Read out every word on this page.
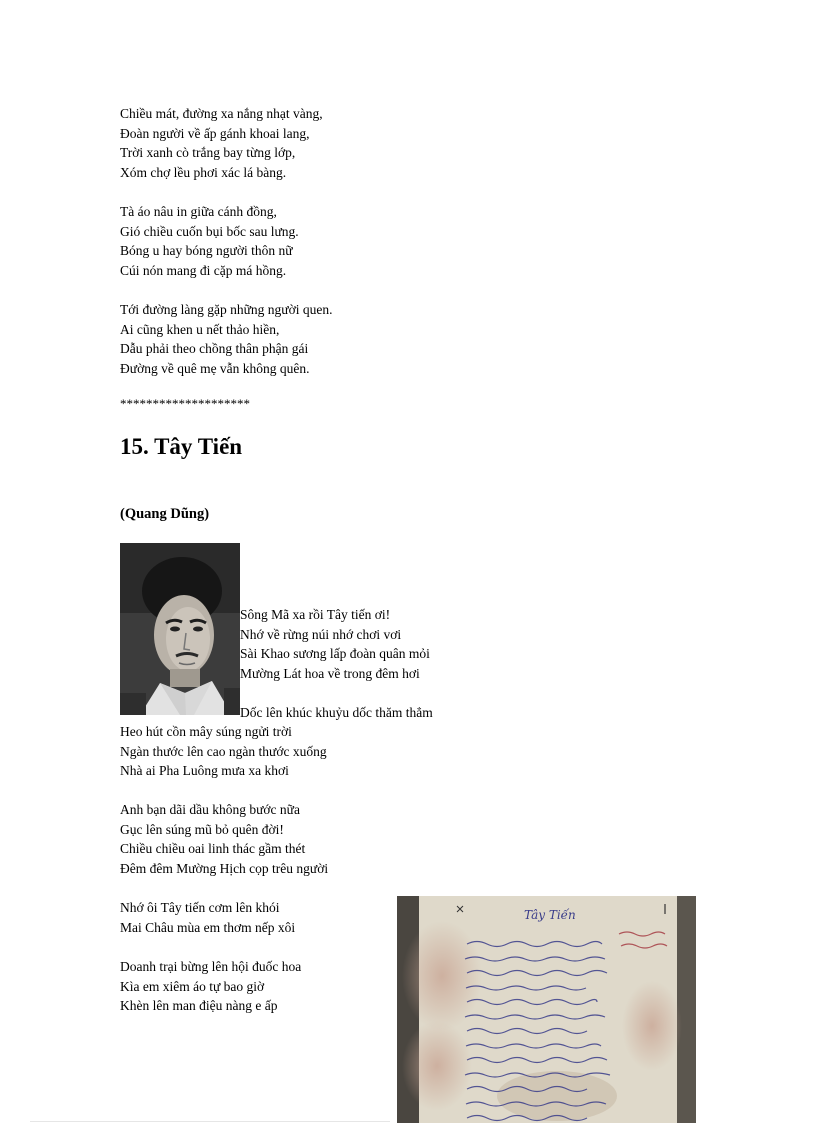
Chiều mát, đường xa nắng nhạt vàng,
Đoàn người về ấp gánh khoai lang,
Trời xanh cò trắng bay từng lớp,
Xóm chợ lều phơi xác lá bàng.
Tà áo nâu in giữa cánh đồng,
Gió chiều cuốn bụi bốc sau lưng.
Bóng u hay bóng người thôn nữ
Cúi nón mang đi cặp má hồng.
Tới đường làng gặp những người quen.
Ai cũng khen u nết thảo hiền,
Dẫu phải theo chồng thân phận gái
Đường về quê mẹ vẫn không quên.
********************
15. Tây Tiến
(Quang Dũng)
Sông Mã xa rồi Tây tiến ơi!
Nhớ về rừng núi nhớ chơi vơi
Sài Khao sương lấp đoàn quân mỏi
Mường Lát hoa về trong đêm hơi
Dốc lên khúc khuỷu dốc thăm thẳm
Heo hút cồn mây súng ngửi trời
Ngàn thước lên cao ngàn thước xuống
Nhà ai Pha Luông mưa xa khơi
Anh bạn dãi dầu không bước nữa
Gục lên súng mũ bỏ quên đời!
Chiều chiều oai linh thác gầm thét
Đêm đêm Mường Hịch cọp trêu người
Nhớ ôi Tây tiến cơm lên khói
Mai Châu mùa em thơm nếp xôi
Doanh trại bừng lên hội đuốc hoa
Kìa em xiêm áo tự bao giờ
Khèn lên man điệu nàng e ấp
Tây Tiến
